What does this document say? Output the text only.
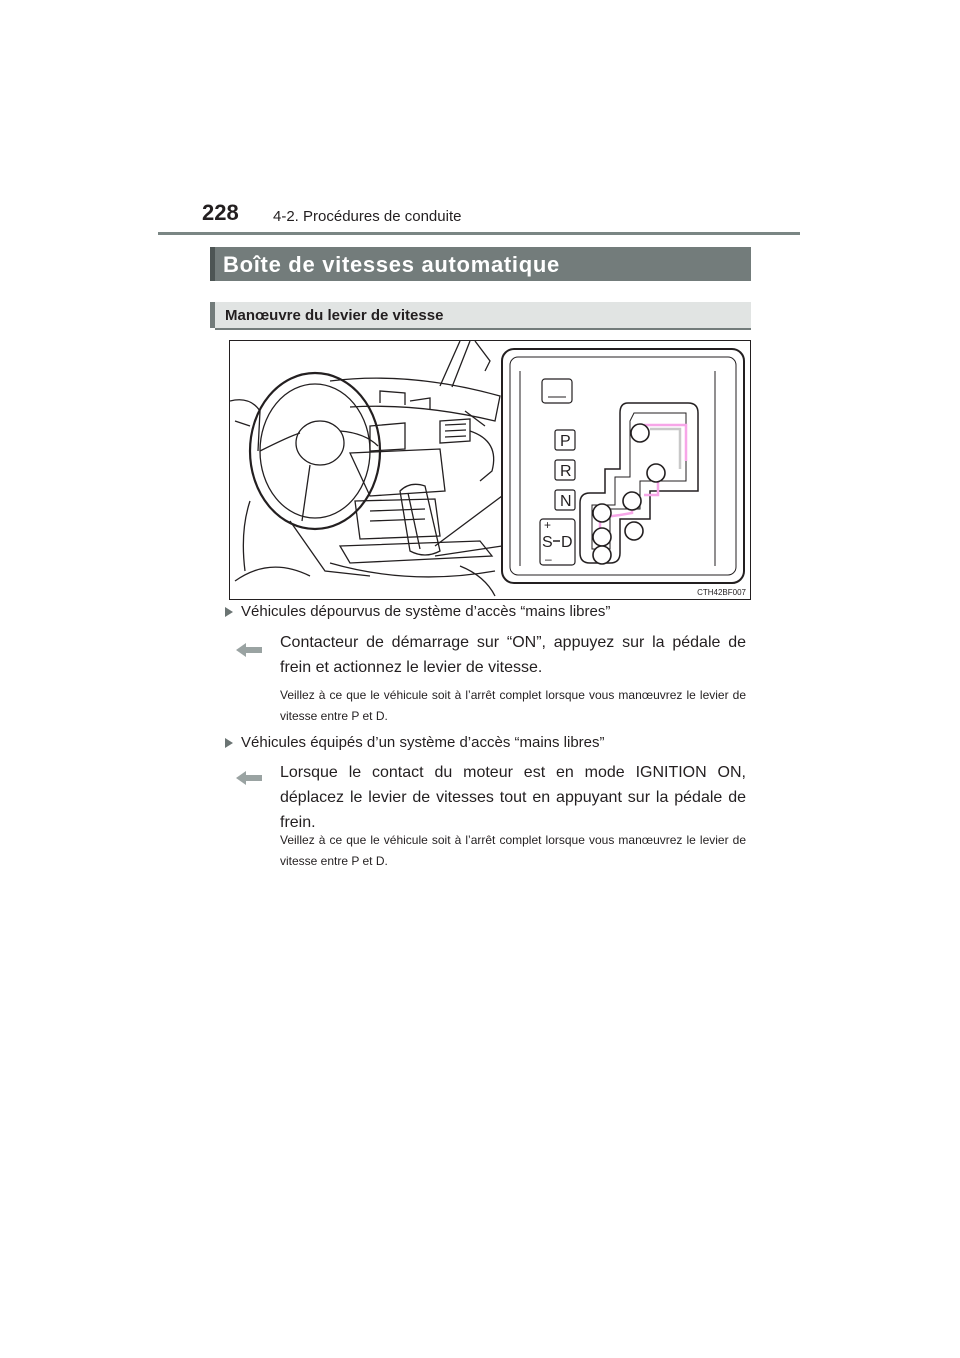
228 4-2. Procédures de conduite
Boîte de vitesses automatique
Manœuvre du levier de vitesse
P
R
N
+
S D
–
CTH42BF007
Véhicules dépourvus de système d’accès “mains libres”
Contacteur de démarrage sur “ON”, appuyez sur la pédale de frein et actionnez le levier de vitesse.
Veillez à ce que le véhicule soit à l’arrêt complet lorsque vous manœuvrez le levier de vitesse entre P et D.
Véhicules équipés d’un système d’accès “mains libres”
Lorsque le contact du moteur est en mode IGNITION ON, déplacez le levier de vitesses tout en appuyant sur la pédale de frein.
Veillez à ce que le véhicule soit à l’arrêt complet lorsque vous manœuvrez le levier de vitesse entre P et D.
